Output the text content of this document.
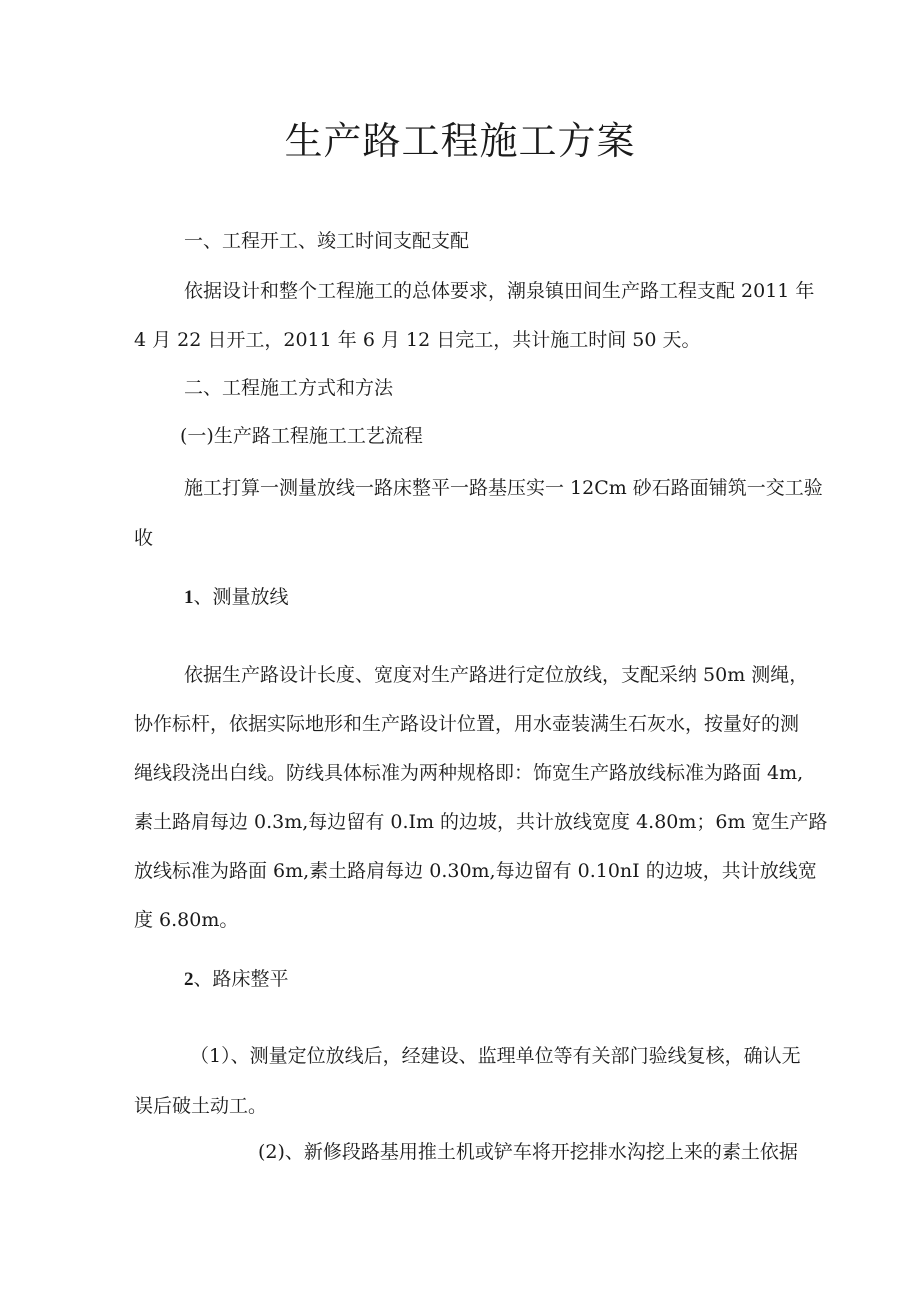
生产路工程施工方案
一、工程开工、竣工时间支配支配
依据设计和整个工程施工的总体要求，潮泉镇田间生产路工程支配 2011 年
4 月 22 日开工，2011 年 6 月 12 日完工，共计施工时间 50 天。
二、工程施工方式和方法
(一)生产路工程施工工艺流程
施工打算一测量放线一路床整平一路基压实一 12Cm 砂石路面铺筑一交工验
收
1、测量放线
依据生产路设计长度、宽度对生产路进行定位放线，支配采纳 50m 测绳，
协作标杆，依据实际地形和生产路设计位置，用水壶装满生石灰水，按量好的测
绳线段浇出白线。防线具体标准为两种规格即：饰宽生产路放线标准为路面 4m,
素土路肩每边 0.3m,每边留有 0.Im 的边坡，共计放线宽度 4.80m；6m 宽生产路
放线标准为路面 6m,素土路肩每边 0.30m,每边留有 0.10nI 的边坡，共计放线宽
度 6.80m。
2、路床整平
（1）、测量定位放线后，经建设、监理单位等有关部门验线复核，确认无
误后破土动工。
(2)、新修段路基用推土机或铲车将开挖排水沟挖上来的素土依据
